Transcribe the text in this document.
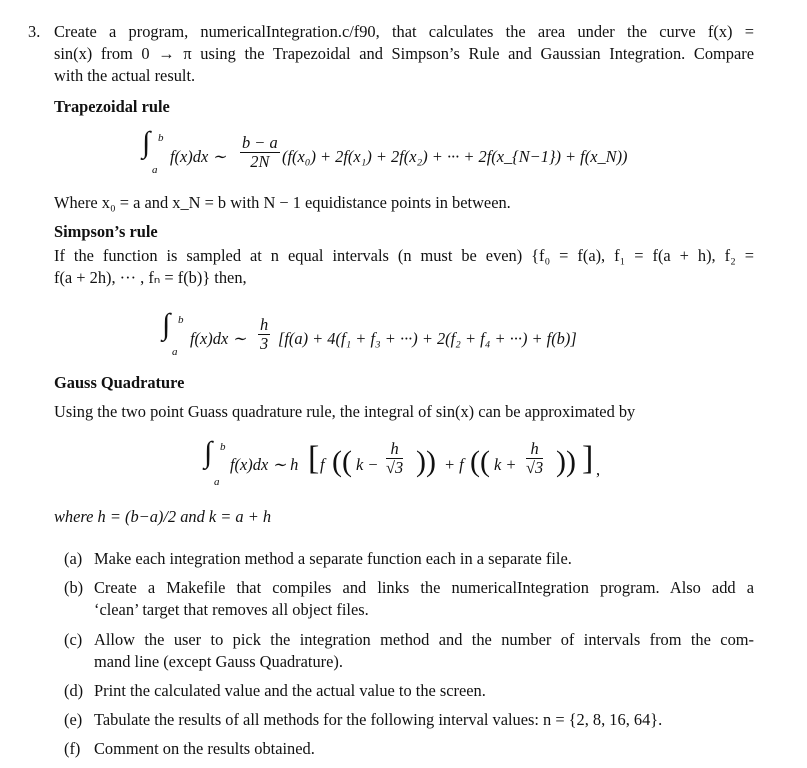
3. Create a program, numericalIntegration.c/f90, that calculates the area under the curve f(x) =
sin(x) from 0 → π using the Trapezoidal and Simpson’s Rule and Gaussian Integration. Compare
with the actual result.
Trapezoidal rule
∫ b
a
f(x)dx ∼ $\frac{b - a}{2N} (f(x_0) + 2f(x_1) + 2f(x_2)$ + ··· + 2f(x_{N−1}) + f(x_N))
Where x₀ = a and x_N = b with N − 1 equidistance points in between.
Simpson’s rule
If the function is sampled at n equal intervals (n must be even) {f₀ = f(a), f₁ = f(a + h), f₂ =
f(a + 2h), ··· , fₙ = f(b)} then,
∫ b
a
f(x)dx ∼ $\frac{h}{3} [f(a) + 4(f_1 + f_3$ + ···) + 2(f₂ + f₄ + ···) + f(b)]
Gauss Quadrature
Using the two point Guass quadrature rule, the integral of sin(x) can be approximated by
∫ b
a
f(x)dx ∼ h [ f (( $k - \frac{h}{√3}$ )) + f (( $k + \frac{h}{√3}$ )) ] ,
where h = (b−a)/2 and k = a + h
(a) Make each integration method a separate function each in a separate file.
(b) Create a Makefile that compiles and links the numericalIntegration program. Also add a
‘clean’ target that removes all object files.
(c) Allow the user to pick the integration method and the number of intervals from the com-
mand line (except Gauss Quadrature).
(d) Print the calculated value and the actual value to the screen.
(e) Tabulate the results of all methods for the following interval values: n = {2, 8, 16, 64}.
(f) Comment on the results obtained.
